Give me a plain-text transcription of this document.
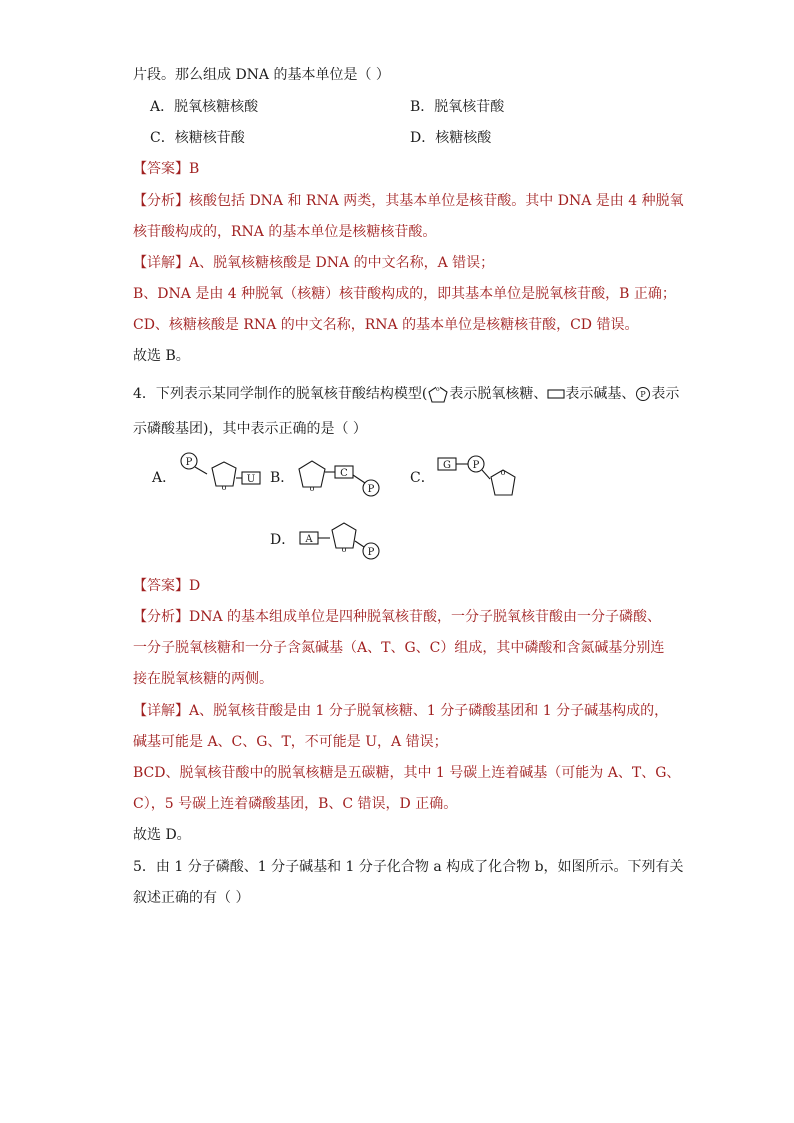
片段。那么组成 DNA 的基本单位是（ ）
A．脱氧核糖核酸	B．脱氧核苷酸
C．核糖核苷酸	D．核糖核酸
【答案】B
【分析】核酸包括 DNA 和 RNA 两类，其基本单位是核苷酸。其中 DNA 是由 4 种脱氧
核苷酸构成的，RNA 的基本单位是核糖核苷酸。
【详解】A、脱氧核糖核酸是 DNA 的中文名称，A 错误；
B、DNA 是由 4 种脱氧（核糖）核苷酸构成的，即其基本单位是脱氧核苷酸，B 正确；
CD、核糖核酸是 RNA 的中文名称，RNA 的基本单位是核糖核苷酸，CD 错误。
故选 B。
4．下列表示某同学制作的脱氧核苷酸结构模型( o 表示脱氧核糖、 表示碱基、 P 表示
示磷酸基团)，其中表示正确的是（ ）
A．
P
o
U B．
o
C
P
C．
G P
o
D． A
o P
【答案】D
【分析】DNA 的基本组成单位是四种脱氧核苷酸，一分子脱氧核苷酸由一分子磷酸、
一分子脱氧核糖和一分子含氮碱基（A、T、G、C）组成，其中磷酸和含氮碱基分别连
接在脱氧核糖的两侧。
【详解】A、脱氧核苷酸是由 1 分子脱氧核糖、1 分子磷酸基团和 1 分子碱基构成的，
碱基可能是 A、C、G、T，不可能是 U，A 错误；
BCD、脱氧核苷酸中的脱氧核糖是五碳糖，其中 1 号碳上连着碱基（可能为 A、T、G、
C），5 号碳上连着磷酸基团，B、C 错误，D 正确。
故选 D。
5．由 1 分子磷酸、1 分子碱基和 1 分子化合物 a 构成了化合物 b，如图所示。下列有关
叙述正确的有（ ）
